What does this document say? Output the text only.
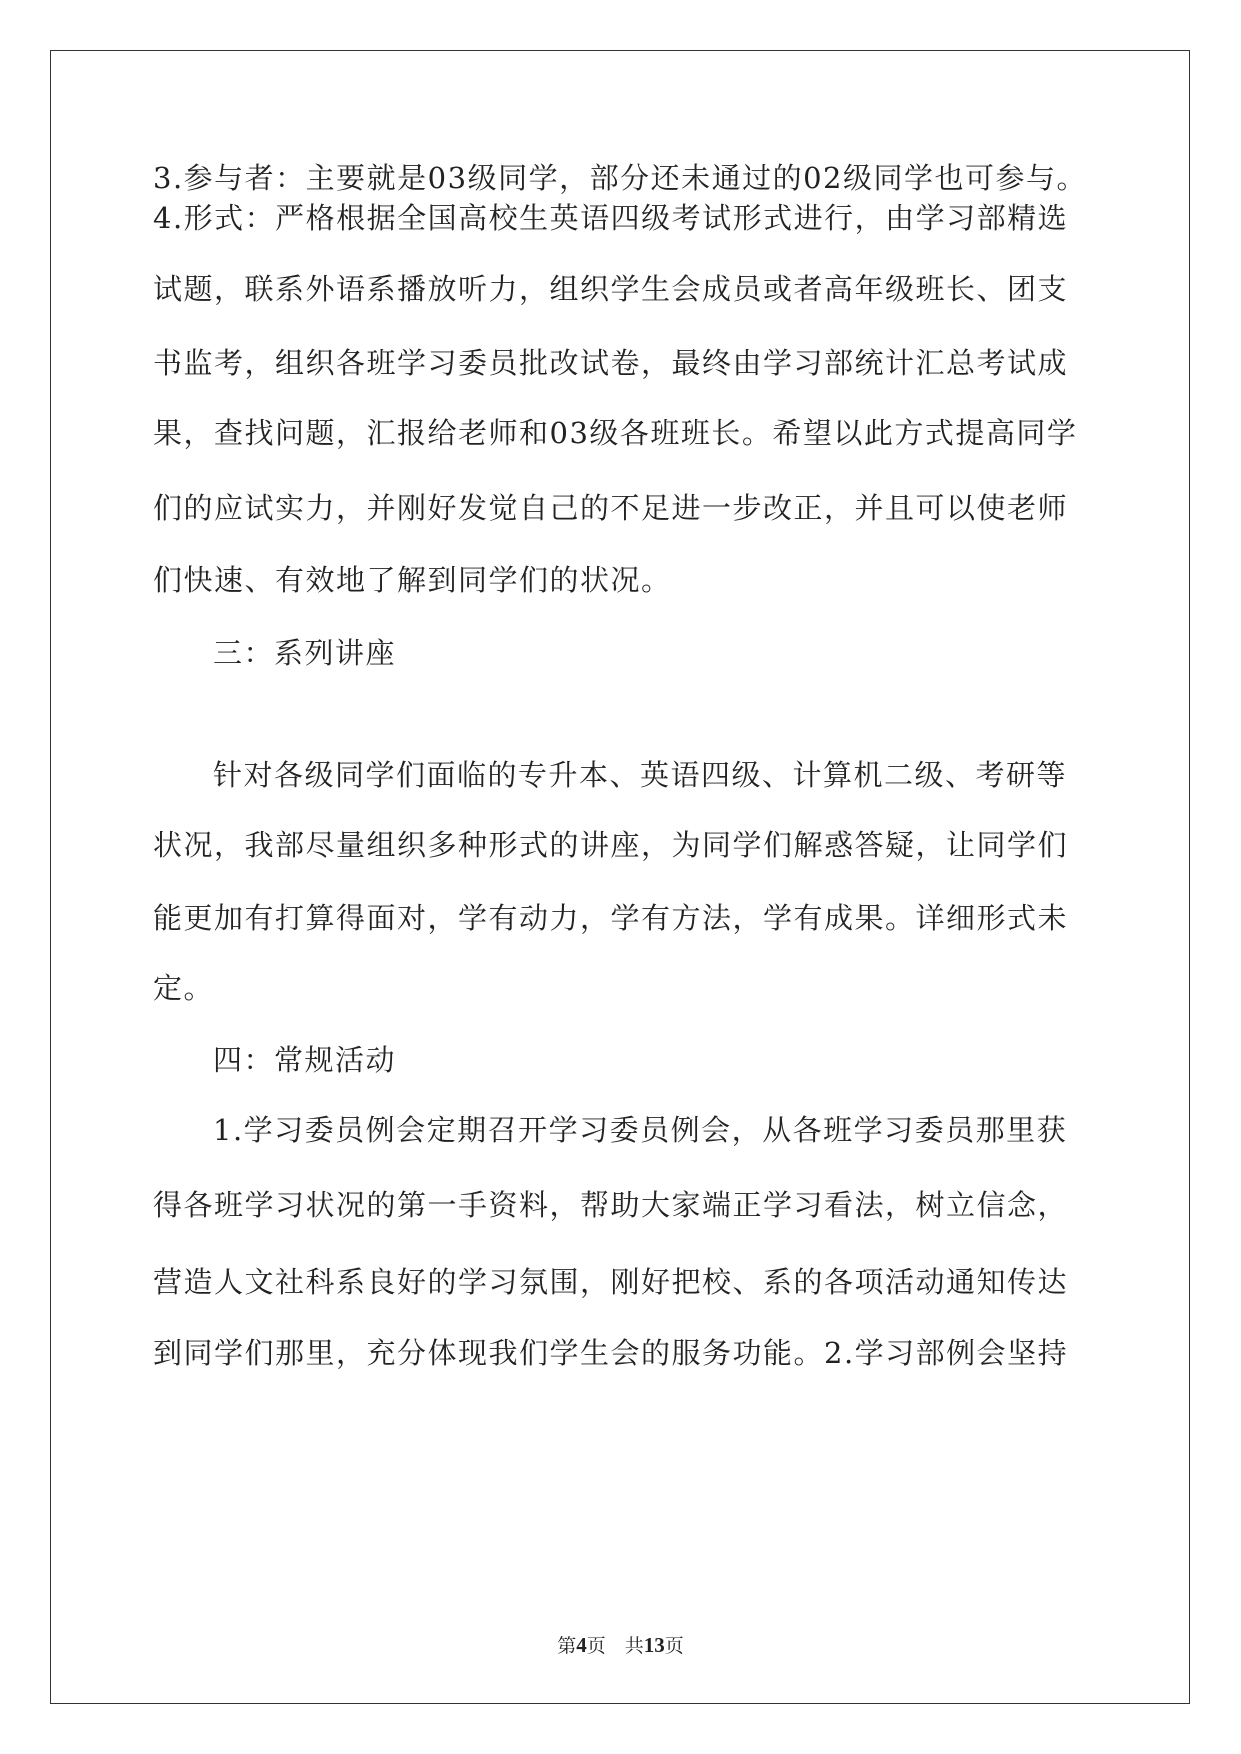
3.参与者：主要就是03级同学，部分还未通过的02级同学也可参与。
4.形式：严格根据全国高校生英语四级考试形式进行，由学习部精选
试题，联系外语系播放听力，组织学生会成员或者高年级班长、团支
书监考，组织各班学习委员批改试卷，最终由学习部统计汇总考试成
果，查找问题，汇报给老师和03级各班班长。希望以此方式提高同学
们的应试实力，并刚好发觉自己的不足进一步改正，并且可以使老师
们快速、有效地了解到同学们的状况。
三：系列讲座
针对各级同学们面临的专升本、英语四级、计算机二级、考研等
状况，我部尽量组织多种形式的讲座，为同学们解惑答疑，让同学们
能更加有打算得面对，学有动力，学有方法，学有成果。详细形式未
定。
四：常规活动
1.学习委员例会定期召开学习委员例会，从各班学习委员那里获
得各班学习状况的第一手资料，帮助大家端正学习看法，树立信念，
营造人文社科系良好的学习氛围，刚好把校、系的各项活动通知传达
到同学们那里，充分体现我们学生会的服务功能。2.学习部例会坚持
第4页　共13页
